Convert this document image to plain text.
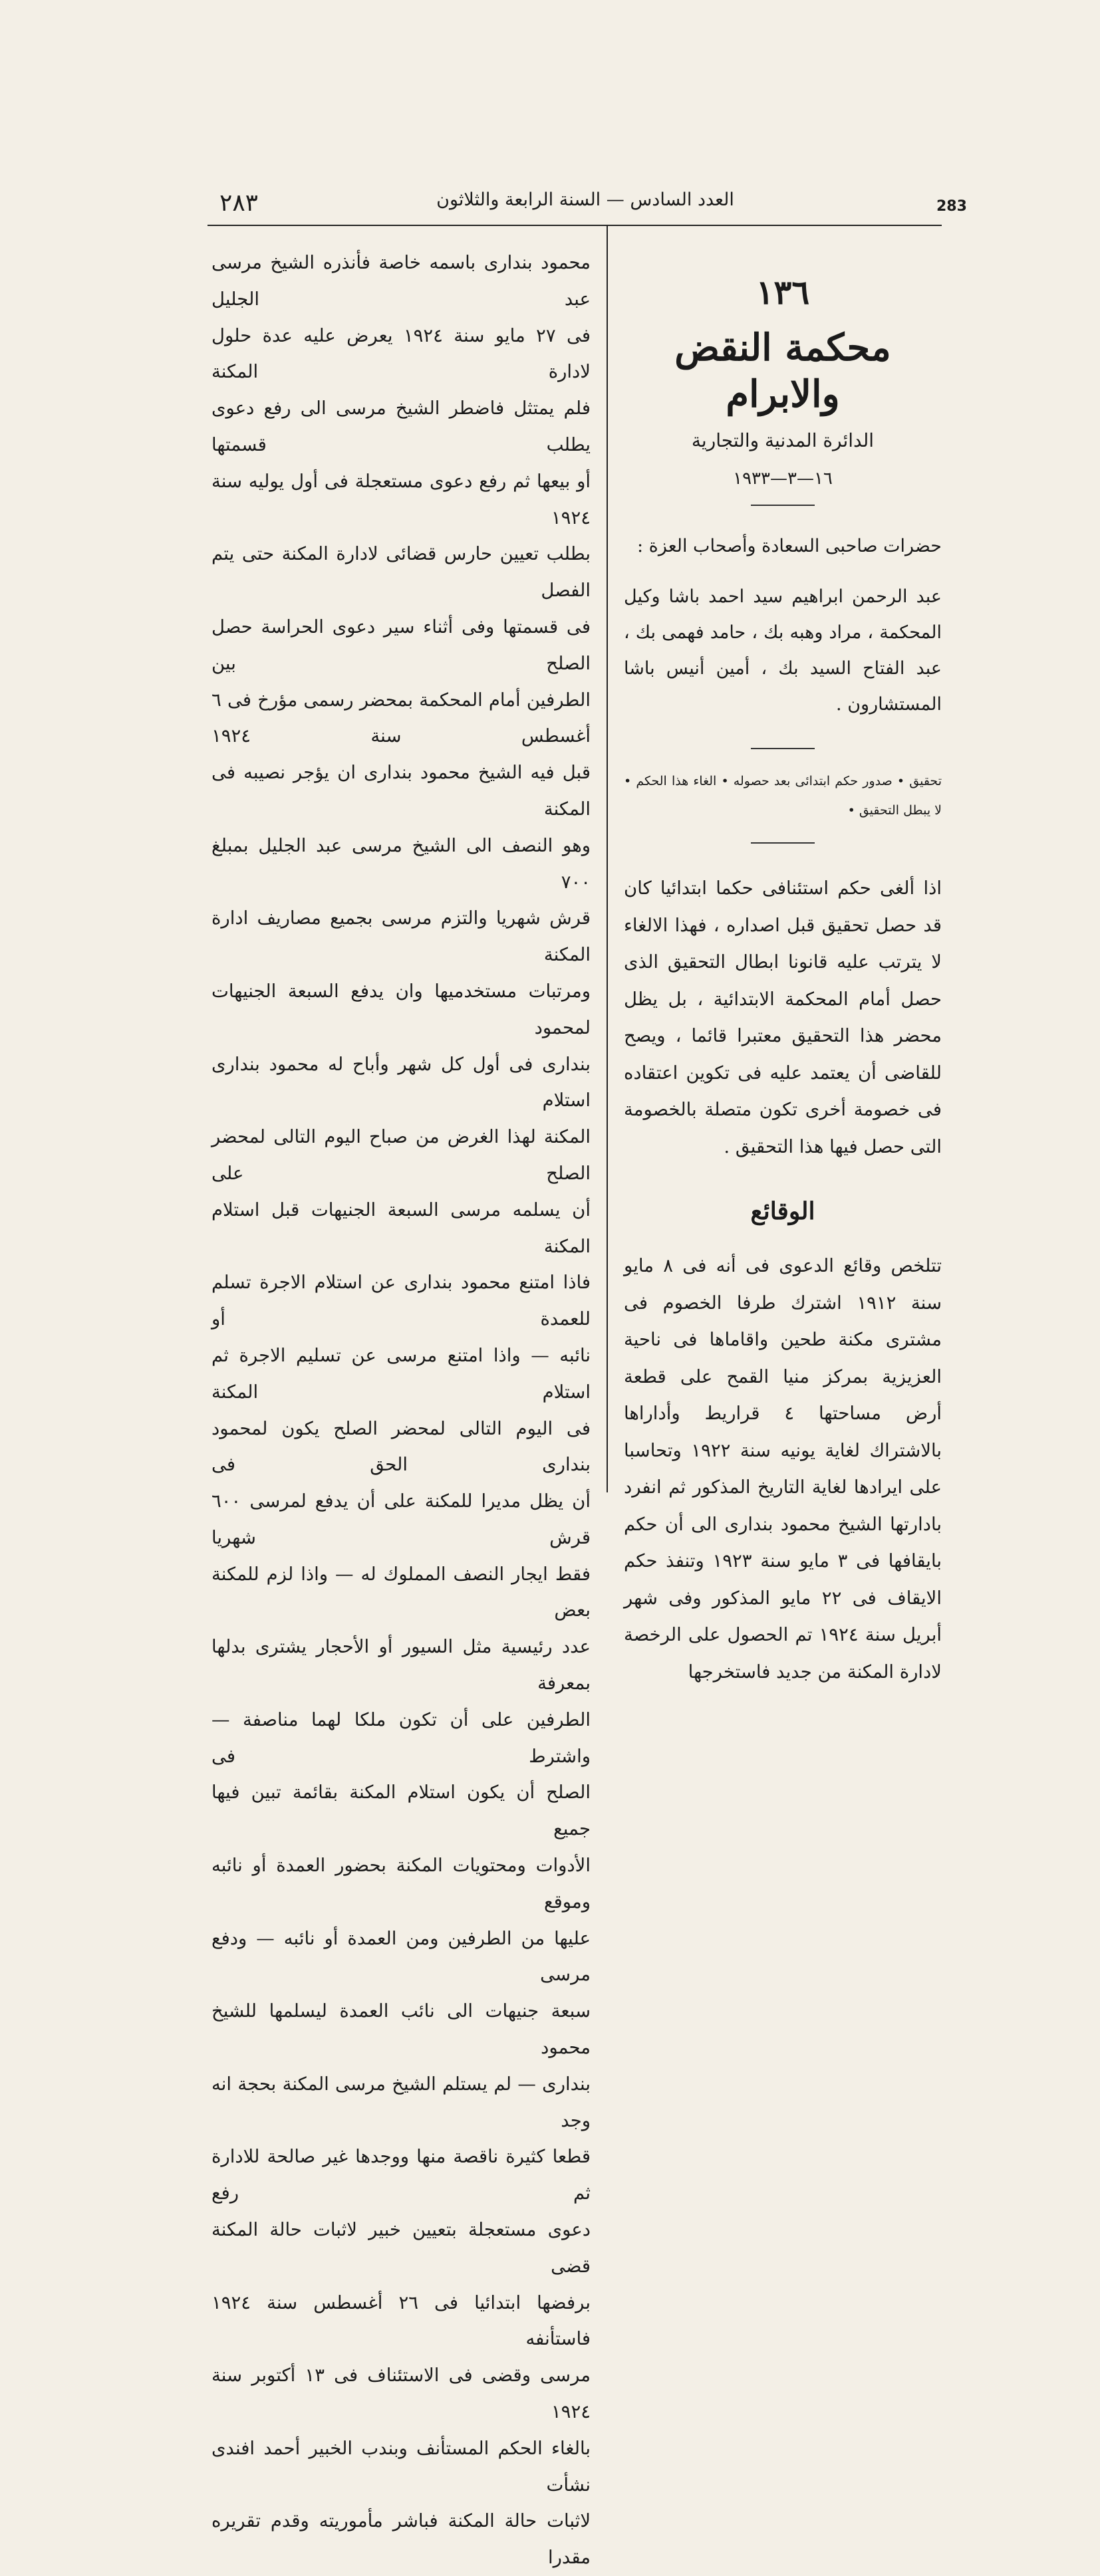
٢٨٣	العدد السادس — السنة الرابعة والثلاثون	283
١٣٦
محكمة النقض والابرام
الدائرة المدنية والتجارية
١٦—٣—١٩٣٣

حضرات صاحبى السعادة وأصحاب العزة :

عبد الرحمن ابراهيم سيد احمد باشا وكيل المحكمة ، مراد وهبه بك ، حامد فهمى بك ، عبد الفتاح السيد بك ، أمين أنيس باشا المستشارون .

تحقيق • صدور حكم ابتدائى بعد حصوله • الغاء هذا الحكم • لا يبطل التحقيق •

اذا ألغى حكم استئنافى حكما ابتدائيا كان قد حصل تحقيق قبل اصداره ، فهذا الالغاء لا يترتب عليه قانونا ابطال التحقيق الذى حصل أمام المحكمة الابتدائية ، بل يظل محضر هذا التحقيق معتبرا قائما ، ويصح للقاضى أن يعتمد عليه فى تكوين اعتقاده فى خصومة أخرى تكون متصلة بالخصومة التى حصل فيها هذا التحقيق .

الوقائع

تتلخص وقائع الدعوى فى أنه فى ٨ مايو سنة ١٩١٢ اشترك طرفا الخصوم فى مشترى مكنة طحين واقاماها فى ناحية العزيزية بمركز منيا القمح على قطعة أرض مساحتها ٤ قراريط وأداراها بالاشتراك لغاية يونيه سنة ١٩٢٢ وتحاسبا على ايرادها لغاية التاريخ المذكور ثم انفرد بادارتها الشيخ محمود بندارى الى أن حكم بايقافها فى ٣ مايو سنة ١٩٢٣ وتنفذ حكم الايقاف فى ٢٢ مايو المذكور وفى شهر أبريل سنة ١٩٢٤ تم الحصول على الرخصة لادارة المكنة من جديد فاستخرجها

محمود بندارى باسمه خاصة فأنذره الشيخ مرسى عبد الجليل

فى ٢٧ مايو سنة ١٩٢٤ يعرض عليه عدة حلول لادارة المكنة

فلم يمتثل فاضطر الشيخ مرسى الى رفع دعوى يطلب قسمتها

أو بيعها ثم رفع دعوى مستعجلة فى أول يوليه سنة ١٩٢٤

بطلب تعيين حارس قضائى لادارة المكنة حتى يتم الفصل

فى قسمتها وفى أثناء سير دعوى الحراسة حصل الصلح بين

الطرفين أمام المحكمة بمحضر رسمى مؤرخ فى ٦ أغسطس سنة ١٩٢٤

قبل فيه الشيخ محمود بندارى ان يؤجر نصيبه فى المكنة

وهو النصف الى الشيخ مرسى عبد الجليل بمبلغ ٧٠٠

قرش شهريا والتزم مرسى بجميع مصاريف ادارة المكنة

ومرتبات مستخدميها وان يدفع السبعة الجنيهات لمحمود

بندارى فى أول كل شهر وأباح له محمود بندارى استلام

المكنة لهذا الغرض من صباح اليوم التالى لمحضر الصلح على

أن يسلمه مرسى السبعة الجنيهات قبل استلام المكنة

فاذا امتنع محمود بندارى عن استلام الاجرة تسلم للعمدة أو

نائبه — واذا امتنع مرسى عن تسليم الاجرة ثم استلام المكنة

فى اليوم التالى لمحضر الصلح يكون لمحمود بندارى الحق فى

أن يظل مديرا للمكنة على أن يدفع لمرسى ٦٠٠ قرش شهريا

فقط ايجار النصف المملوك له — واذا لزم للمكنة بعض

عدد رئيسية مثل السيور أو الأحجار يشترى بدلها بمعرفة

الطرفين على أن تكون ملكا لهما مناصفة — واشترط فى

الصلح أن يكون استلام المكنة بقائمة تبين فيها جميع

الأدوات ومحتويات المكنة بحضور العمدة أو نائبه وموقع

عليها من الطرفين ومن العمدة أو نائبه — ودفع مرسى

سبعة جنيهات الى نائب العمدة ليسلمها للشيخ محمود

بندارى — لم يستلم الشيخ مرسى المكنة بحجة انه وجد

قطعا كثيرة ناقصة منها ووجدها غير صالحة للادارة ثم رفع

دعوى مستعجلة بتعيين خبير لاثبات حالة المكنة قضى

برفضها ابتدائيا فى ٢٦ أغسطس سنة ١٩٢٤ فاستأنفه

مرسى وقضى فى الاستئناف فى ١٣ أكتوبر سنة ١٩٢٤

بالغاء الحكم المستأنف وبندب الخبير أحمد افندى نشأت

لاثبات حالة المكنة فباشر مأموريته وقدم تقريره مقدرا
